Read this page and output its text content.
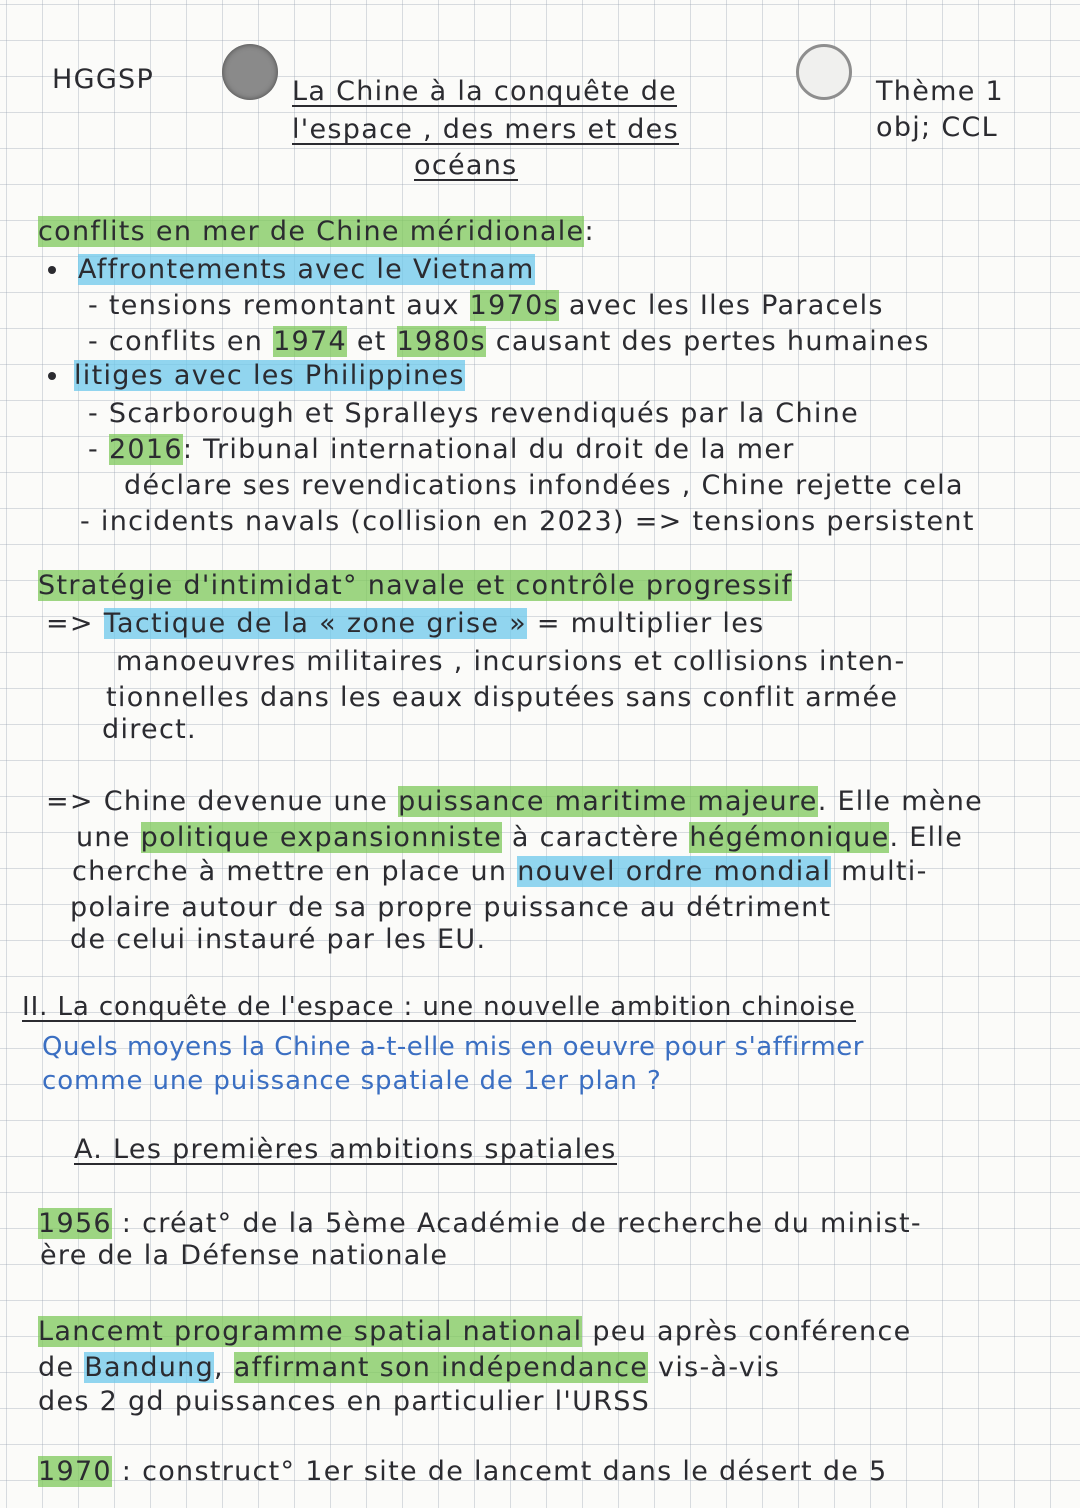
HGGSP	La Chine à la conquête de
l'espace , des mers et des
océans
Thème 1
obj; CCL
conflits en mer de Chine méridionale:
Affrontements avec le Vietnam
- tensions remontant aux 1970s avec les Iles Paracels
- conflits en 1974 et 1980s causant des pertes humaines
litiges avec les Philippines
- Scarborough et Spralleys revendiqués par la Chine
- 2016: Tribunal international du droit de la mer
déclare ses revendications infondées , Chine rejette cela
- incidents navals (collision en 2023) => tensions persistent
Stratégie d'intimidat° navale et contrôle progressif
=> Tactique de la « zone grise » = multiplier les
manoeuvres militaires , incursions et collisions inten-
tionnelles dans les eaux disputées sans conflit armée
direct.
=> Chine devenue une puissance maritime majeure. Elle mène
une politique expansionniste à caractère hégémonique. Elle
cherche à mettre en place un nouvel ordre mondial multi-
polaire autour de sa propre puissance au détriment
de celui instauré par les EU.
II. La conquête de l'espace : une nouvelle ambition chinoise
Quels moyens la Chine a-t-elle mis en oeuvre pour s'affirmer
comme une puissance spatiale de 1er plan ?
A. Les premières ambitions spatiales
1956 : créat° de la 5ème Académie de recherche du minist-
ère de la Défense nationale
Lancemt programme spatial national peu après conférence
de Bandung, affirmant son indépendance vis-à-vis
des 2 gd puissances en particulier l'URSS
1970 : construct° 1er site de lancemt dans le désert de 5
